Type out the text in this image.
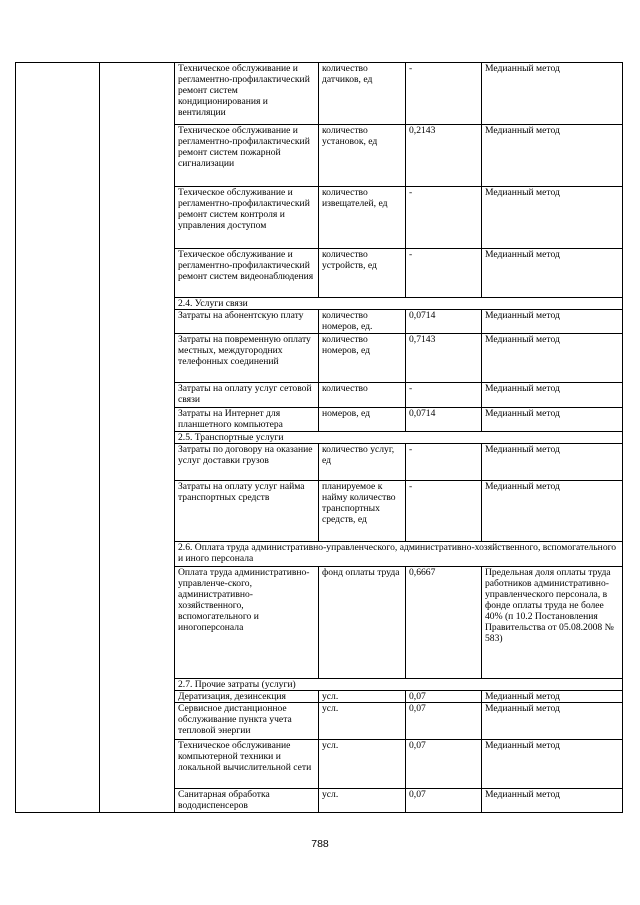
		Техническое обслуживание и регламентно-профилактический ремонт систем кондиционирования и вентиляции	количество датчиков, ед	-	Медианный метод
		Техническое обслуживание и регламентно-профилактический ремонт систем пожарной сигнализации	количество установок, ед	0,2143	Медианный метод
		Техическое обслуживание и регламентно-профилактический ремонт систем контроля и управления доступом	количество извещателей, ед	-	Медианный метод
		Техическое обслуживание и регламентно-профилактический ремонт систем видеонаблюдения	количество устройств, ед	-	Медианный метод
		2.4. Услуги связи			
		Затраты на абонентскую плату	количество номеров, ед.	0,0714	Медианный метод
		Затраты на повременную оплату местных, междугородних телефонных соединений	количество номеров, ед	0,7143	Медианный метод
		Затраты на оплату услуг сетовой связи	количество	-	Медианный метод
		Затраты на Интернет для планшетного компьютера	номеров, ед	0,0714	Медианный метод
		2.5. Транспортные услуги			
		Затраты по договору на оказание услуг доставки грузов	количество услуг, ед	-	Медианный метод
		Затраты на оплату услуг найма транспортных средств	планируемое к найму количество транспортных средств, ед	-	Медианный метод
		2.6. Оплата труда административно-управленческого, административно-хозяйственного, вспомогательного и иного персонала			
		Оплата труда административно-управленче-ского, административно-хозяйственного, вспомогательного и иногоперсонала	фонд оплаты труда	0,6667	Предельная доля оплаты труда работников административно-управленческого персонала, в фонде оплаты труда не более 40% (п 10.2 Постановления Правительства от 05.08.2008 № 583)
		2.7. Прочие затраты (услуги)			
		Дератизация, дезинсекция	усл.	0,07	Медианный метод
		Сервисное дистанционное обслуживание пункта учета тепловой энергии	усл.	0,07	Медианный метод
		Техническое обслуживание компьютерной техники и локальной вычислительной сети	усл.	0,07	Медианный метод
		Санитарная обработка вододиспенсеров	усл.	0,07	Медианный метод
788
